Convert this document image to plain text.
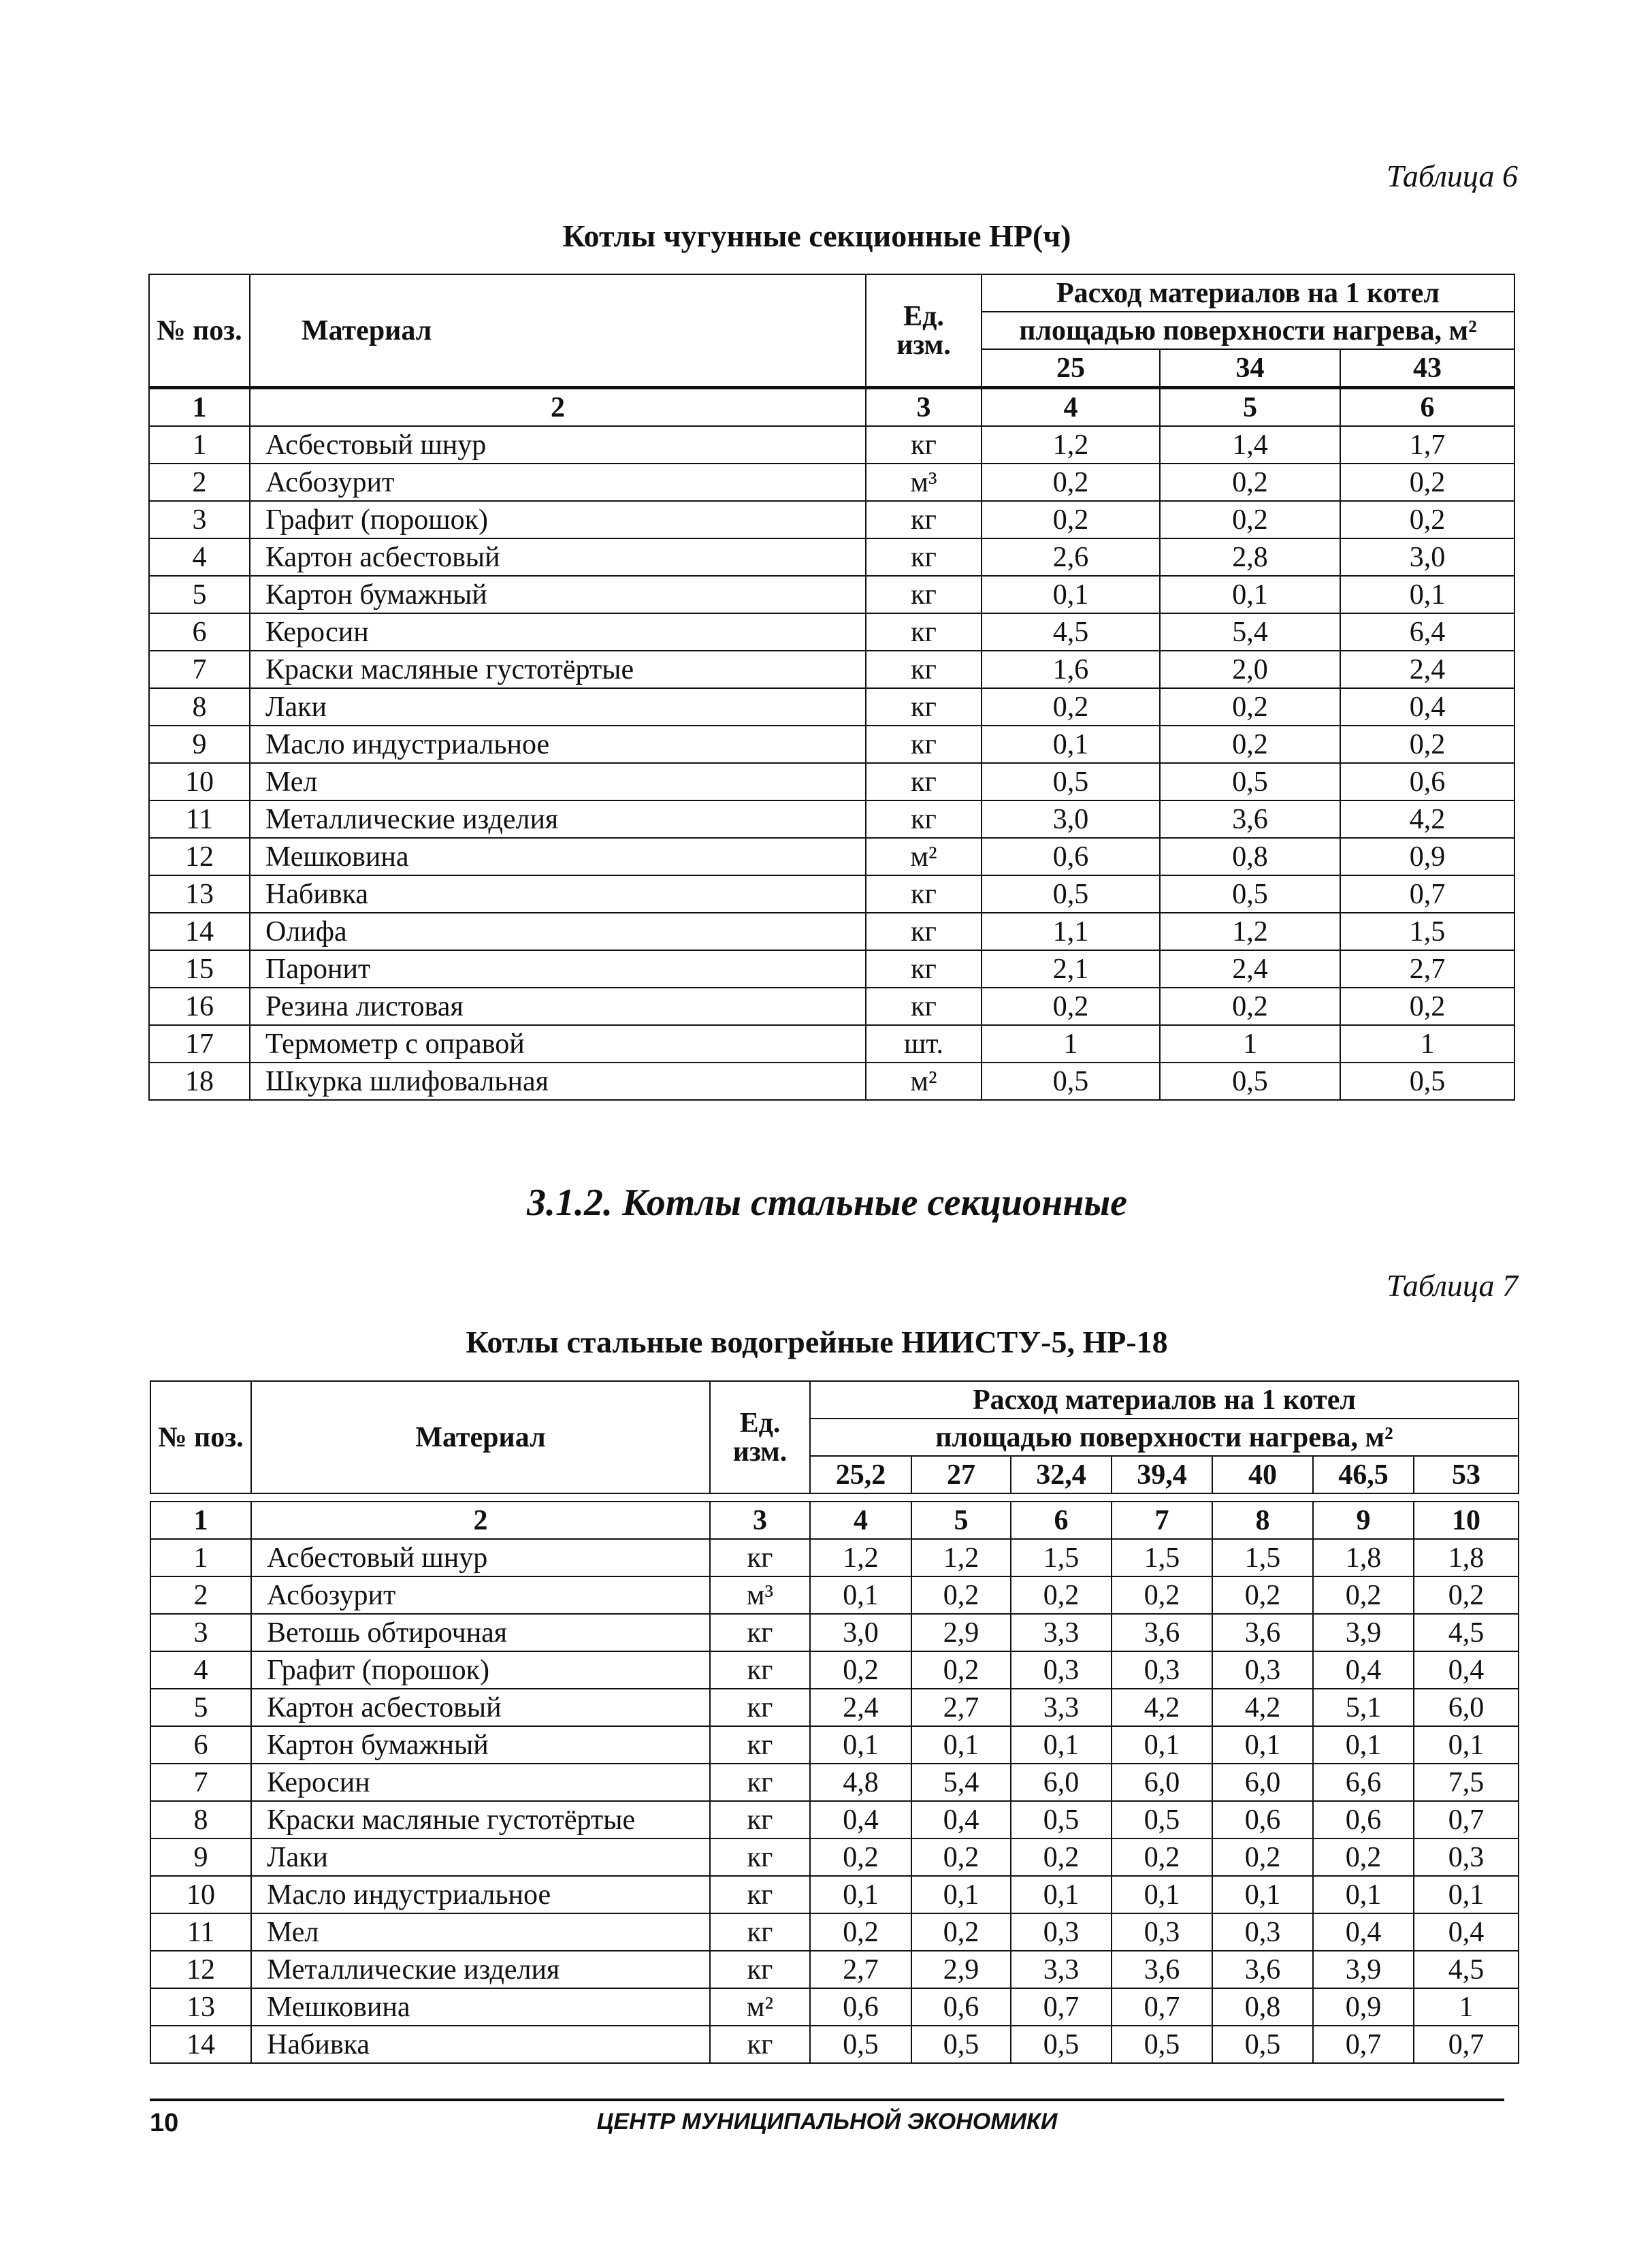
Таблица 6
Котлы чугунные секционные НР(ч)
№ поз.	Материал	Ед. изм.	Расход материалов на 1 котел		
			площадью поверхности нагрева, м²		
			25	34	43
1	2	3	4	5	6
1	Асбестовый шнур	кг	1,2	1,4	1,7
2	Асбозурит	м³	0,2	0,2	0,2
3	Графит (порошок)	кг	0,2	0,2	0,2
4	Картон асбестовый	кг	2,6	2,8	3,0
5	Картон бумажный	кг	0,1	0,1	0,1
6	Керосин	кг	4,5	5,4	6,4
7	Краски масляные густотёртые	кг	1,6	2,0	2,4
8	Лаки	кг	0,2	0,2	0,4
9	Масло индустриальное	кг	0,1	0,2	0,2
10	Мел	кг	0,5	0,5	0,6
11	Металлические изделия	кг	3,0	3,6	4,2
12	Мешковина	м²	0,6	0,8	0,9
13	Набивка	кг	0,5	0,5	0,7
14	Олифа	кг	1,1	1,2	1,5
15	Паронит	кг	2,1	2,4	2,7
16	Резина листовая	кг	0,2	0,2	0,2
17	Термометр с оправой	шт.	1	1	1
18	Шкурка шлифовальная	м²	0,5	0,5	0,5
3.1.2. Котлы стальные секционные
Таблица 7
Котлы стальные водогрейные НИИСТУ-5, НР-18
№ поз.	Материал	Ед. изм.	Расход материалов на 1 котел						
			площадью поверхности нагрева, м²						
			25,2	27	32,4	39,4	40	46,5	53

1	2	3	4	5	6	7	8	9	10
1	Асбестовый шнур	кг	1,2	1,2	1,5	1,5	1,5	1,8	1,8
2	Асбозурит	м³	0,1	0,2	0,2	0,2	0,2	0,2	0,2
3	Ветошь обтирочная	кг	3,0	2,9	3,3	3,6	3,6	3,9	4,5
4	Графит (порошок)	кг	0,2	0,2	0,3	0,3	0,3	0,4	0,4
5	Картон асбестовый	кг	2,4	2,7	3,3	4,2	4,2	5,1	6,0
6	Картон бумажный	кг	0,1	0,1	0,1	0,1	0,1	0,1	0,1
7	Керосин	кг	4,8	5,4	6,0	6,0	6,0	6,6	7,5
8	Краски масляные густотёртые	кг	0,4	0,4	0,5	0,5	0,6	0,6	0,7
9	Лаки	кг	0,2	0,2	0,2	0,2	0,2	0,2	0,3
10	Масло индустриальное	кг	0,1	0,1	0,1	0,1	0,1	0,1	0,1
11	Мел	кг	0,2	0,2	0,3	0,3	0,3	0,4	0,4
12	Металлические изделия	кг	2,7	2,9	3,3	3,6	3,6	3,9	4,5
13	Мешковина	м²	0,6	0,6	0,7	0,7	0,8	0,9	1
14	Набивка	кг	0,5	0,5	0,5	0,5	0,5	0,7	0,7
10	ЦЕНТР МУНИЦИПАЛЬНОЙ ЭКОНОМИКИ
